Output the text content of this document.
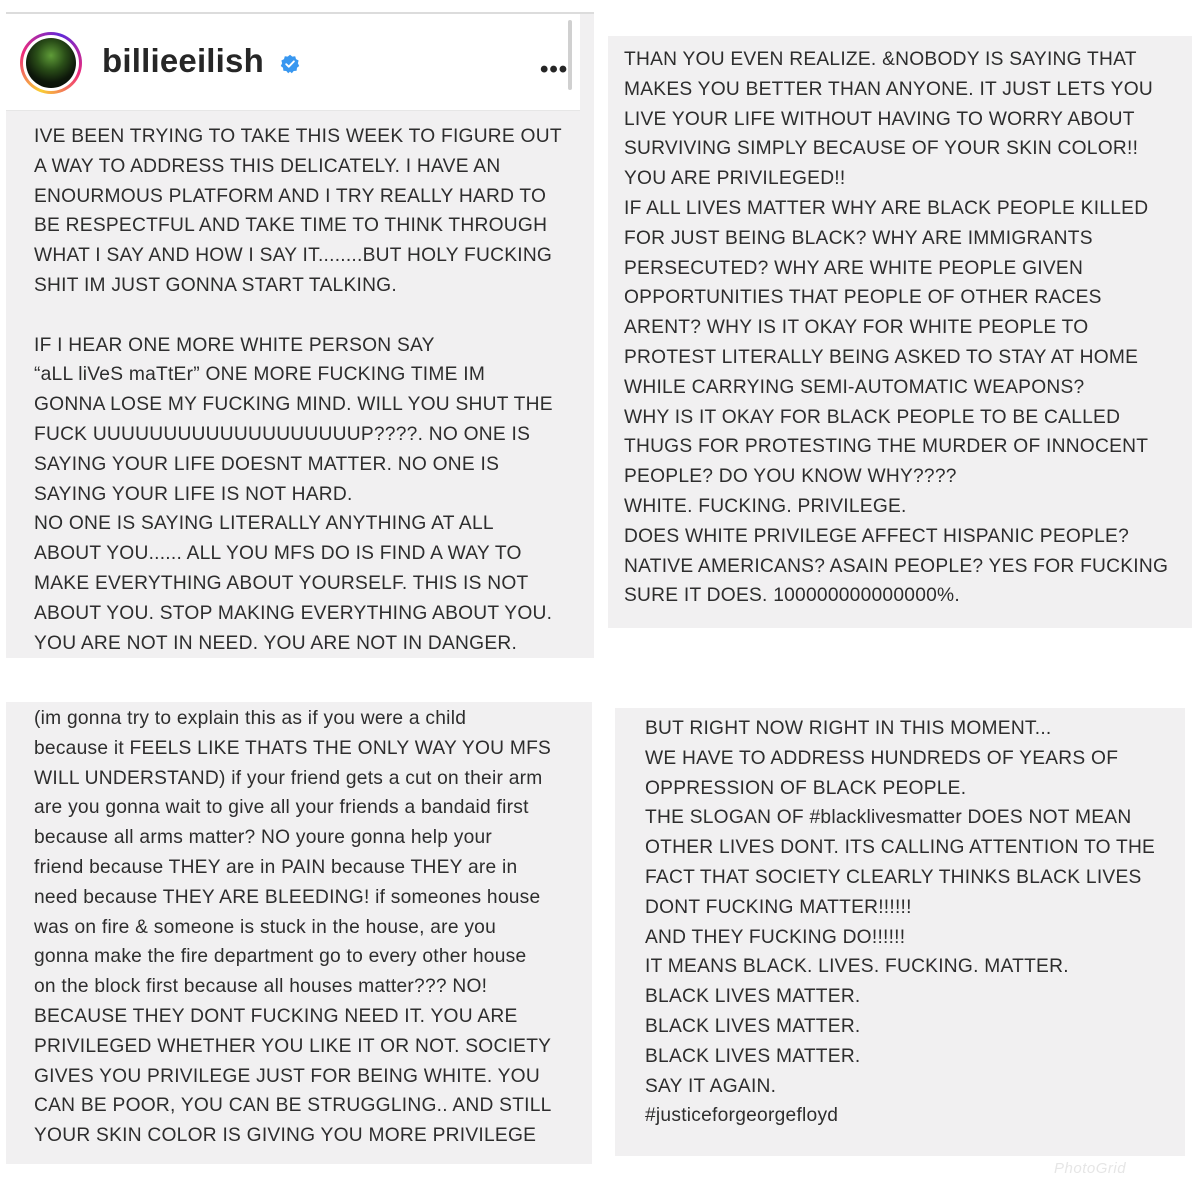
billieeilish	•••
IVE BEEN TRYING TO TAKE THIS WEEK TO FIGURE OUT
A WAY TO ADDRESS THIS DELICATELY. I HAVE AN
ENOURMOUS PLATFORM AND I TRY REALLY HARD TO
BE RESPECTFUL AND TAKE TIME TO THINK THROUGH
WHAT I SAY AND HOW I SAY IT........BUT HOLY FUCKING
SHIT IM JUST GONNA START TALKING.

IF I HEAR ONE MORE WHITE PERSON SAY
“aLL liVeS maTtEr” ONE MORE FUCKING TIME IM
GONNA LOSE MY FUCKING MIND. WILL YOU SHUT THE
FUCK UUUUUUUUUUUUUUUUUUUP????. NO ONE IS
SAYING YOUR LIFE DOESNT MATTER. NO ONE IS
SAYING YOUR LIFE IS NOT HARD.
NO ONE IS SAYING LITERALLY ANYTHING AT ALL
ABOUT YOU...... ALL YOU MFS DO IS FIND A WAY TO
MAKE EVERYTHING ABOUT YOURSELF. THIS IS NOT
ABOUT YOU. STOP MAKING EVERYTHING ABOUT YOU.
YOU ARE NOT IN NEED. YOU ARE NOT IN DANGER.
THAN YOU EVEN REALIZE. &NOBODY IS SAYING THAT
MAKES YOU BETTER THAN ANYONE. IT JUST LETS YOU
LIVE YOUR LIFE WITHOUT HAVING TO WORRY ABOUT
SURVIVING SIMPLY BECAUSE OF YOUR SKIN COLOR!!
YOU ARE PRIVILEGED!!
IF ALL LIVES MATTER WHY ARE BLACK PEOPLE KILLED
FOR JUST BEING BLACK? WHY ARE IMMIGRANTS
PERSECUTED? WHY ARE WHITE PEOPLE GIVEN
OPPORTUNITIES THAT PEOPLE OF OTHER RACES
ARENT? WHY IS IT OKAY FOR WHITE PEOPLE TO
PROTEST LITERALLY BEING ASKED TO STAY AT HOME
WHILE CARRYING SEMI-AUTOMATIC WEAPONS?
WHY IS IT OKAY FOR BLACK PEOPLE TO BE CALLED
THUGS FOR PROTESTING THE MURDER OF INNOCENT
PEOPLE? DO YOU KNOW WHY????
WHITE. FUCKING. PRIVILEGE.
DOES WHITE PRIVILEGE AFFECT HISPANIC PEOPLE?
NATIVE AMERICANS? ASAIN PEOPLE? YES FOR FUCKING
SURE IT DOES. 100000000000000%.
(im gonna try to explain this as if you were a child
because it FEELS LIKE THATS THE ONLY WAY YOU MFS
WILL UNDERSTAND) if your friend gets a cut on their arm
are you gonna wait to give all your friends a bandaid first
because all arms matter? NO youre gonna help your
friend because THEY are in PAIN because THEY are in
need because THEY ARE BLEEDING! if someones house
was on fire & someone is stuck in the house, are you
gonna make the fire department go to every other house
on the block first because all houses matter??? NO!
BECAUSE THEY DONT FUCKING NEED IT. YOU ARE
PRIVILEGED WHETHER YOU LIKE IT OR NOT. SOCIETY
GIVES YOU PRIVILEGE JUST FOR BEING WHITE. YOU
CAN BE POOR, YOU CAN BE STRUGGLING.. AND STILL
YOUR SKIN COLOR IS GIVING YOU MORE PRIVILEGE
BUT RIGHT NOW RIGHT IN THIS MOMENT...
WE HAVE TO ADDRESS HUNDREDS OF YEARS OF
OPPRESSION OF BLACK PEOPLE.
THE SLOGAN OF #blacklivesmatter DOES NOT MEAN
OTHER LIVES DONT. ITS CALLING ATTENTION TO THE
FACT THAT SOCIETY CLEARLY THINKS BLACK LIVES
DONT FUCKING MATTER!!!!!!
AND THEY FUCKING DO!!!!!!
IT MEANS BLACK. LIVES. FUCKING. MATTER.
BLACK LIVES MATTER.
BLACK LIVES MATTER.
BLACK LIVES MATTER.
SAY IT AGAIN.
#justiceforgeorgefloyd
PhotoGrid
